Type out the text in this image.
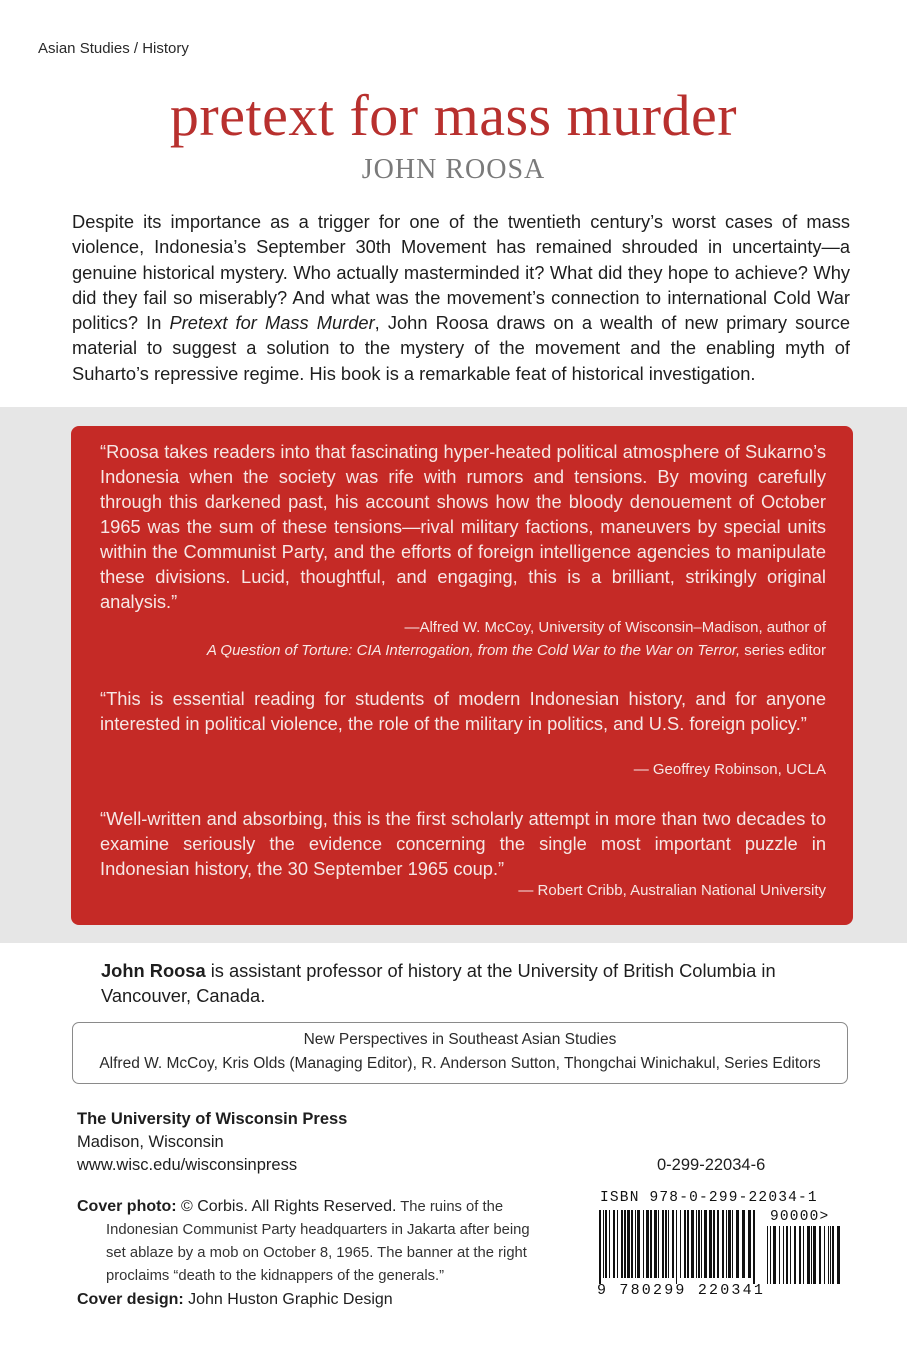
Asian Studies / History
pretext for mass murder
JOHN ROOSA
Despite its importance as a trigger for one of the twentieth century’s worst cases of mass violence, Indonesia’s September 30th Movement has remained shrouded in uncertainty—a genuine historical mystery. Who actually masterminded it? What did they hope to achieve? Why did they fail so miserably? And what was the movement’s connection to international Cold War politics? In Pretext for Mass Murder, John Roosa draws on a wealth of new primary source material to suggest a solution to the mystery of the movement and the enabling myth of Suharto’s repressive regime. His book is a remarkable feat of historical investigation.
“Roosa takes readers into that fascinating hyper-heated political atmosphere of Sukarno’s Indonesia when the society was rife with rumors and tensions. By moving carefully through this darkened past, his account shows how the bloody denouement of October 1965 was the sum of these tensions—rival military factions, maneuvers by special units within the Communist Party, and the efforts of foreign intelligence agencies to manipulate these divisions. Lucid, thoughtful, and engaging, this is a brilliant, strikingly original analysis.”
—Alfred W. McCoy, University of Wisconsin–Madison, author of
A Question of Torture: CIA Interrogation, from the Cold War to the War on Terror, series editor
“This is essential reading for students of modern Indonesian history, and for anyone interested in political violence, the role of the military in politics, and U.S. foreign policy.”
— Geoffrey Robinson, UCLA
“Well-written and absorbing, this is the first scholarly attempt in more than two decades to examine seriously the evidence concerning the single most important puzzle in Indonesian history, the 30 September 1965 coup.”
— Robert Cribb, Australian National University
John Roosa is assistant professor of history at the University of British Columbia in Vancouver, Canada.
New Perspectives in Southeast Asian Studies
Alfred W. McCoy, Kris Olds (Managing Editor), R. Anderson Sutton, Thongchai Winichakul, Series Editors
The University of Wisconsin Press
Madison, Wisconsin
www.wisc.edu/wisconsinpress	0-299-22034-6
Cover photo: © Corbis. All Rights Reserved. The ruins of the
Indonesian Communist Party headquarters in Jakarta after being
set ablaze by a mob on October 8, 1965. The banner at the right
proclaims “death to the kidnappers of the generals.”
Cover design: John Huston Graphic Design
ISBN 978-0-299-22034-1
90000>
9 780299 220341
